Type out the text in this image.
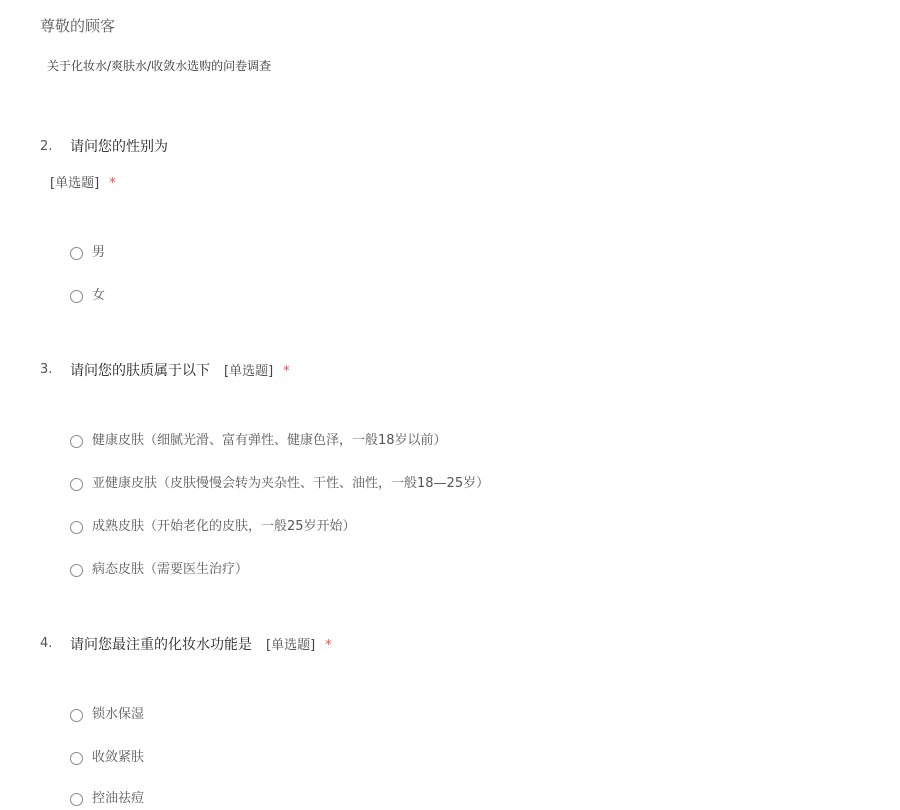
尊敬的顾客
关于化妆水/爽肤水/收敛水选购的问卷调查
2. 请问您的性别为
[单选题] *
男
女
3. 请问您的肤质属于以下 [单选题] *
健康皮肤（细腻光滑、富有弹性、健康色泽，一般18岁以前）
亚健康皮肤（皮肤慢慢会转为夹杂性、干性、油性，一般18—25岁）
成熟皮肤（开始老化的皮肤，一般25岁开始）
病态皮肤（需要医生治疗）
4. 请问您最注重的化妆水功能是 [单选题] *
锁水保湿
收敛紧肤
控油祛痘
